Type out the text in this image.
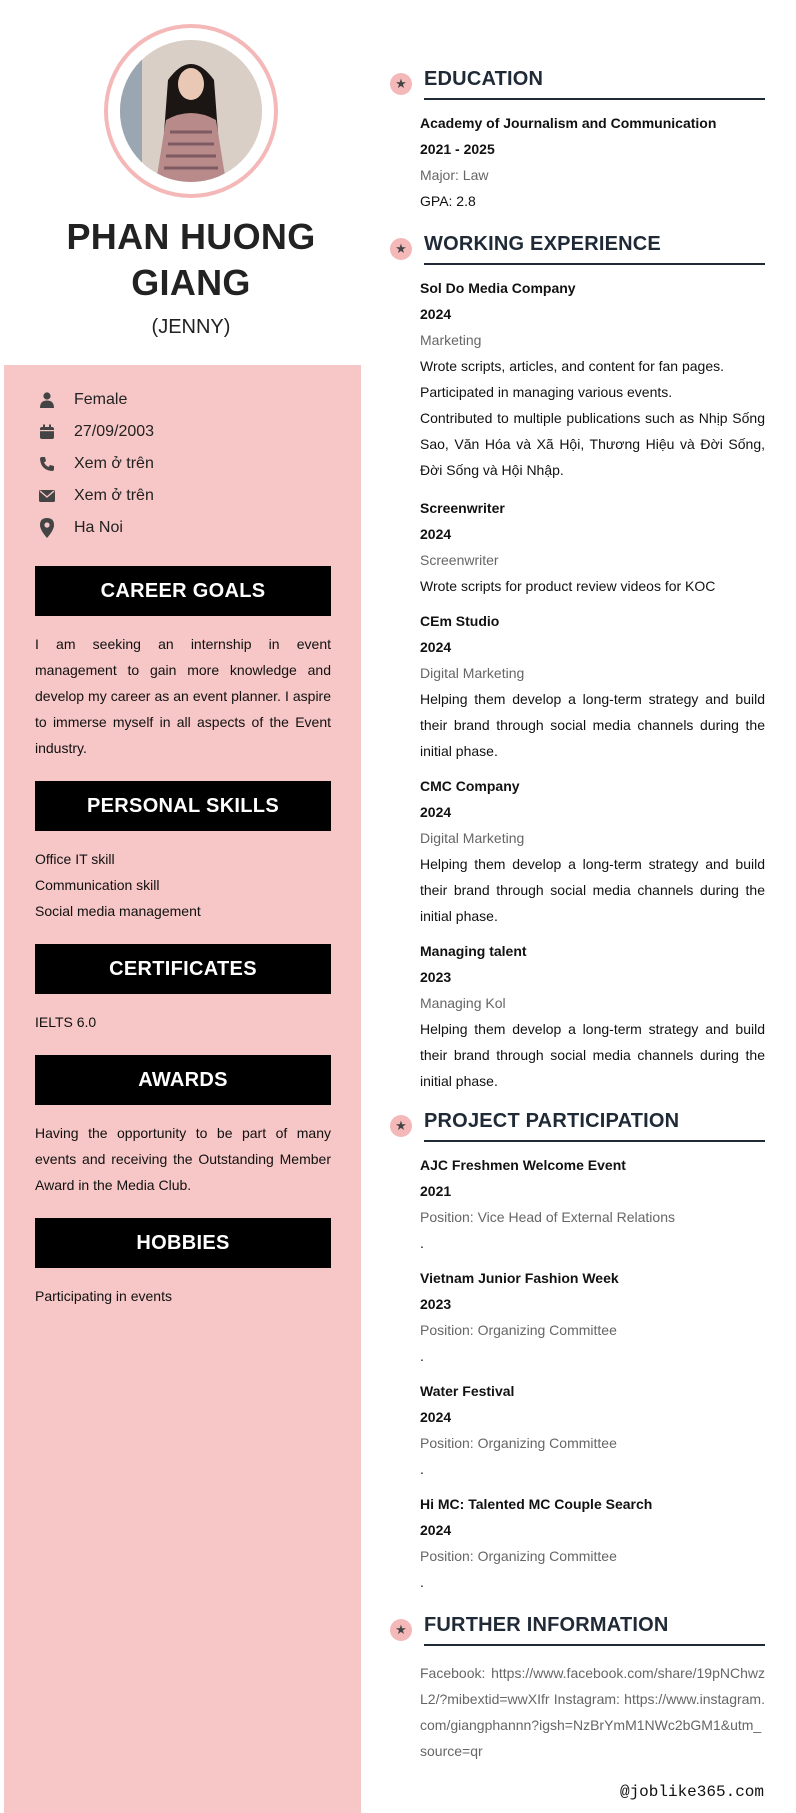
PHAN HUONG GIANG
(JENNY)
Female
27/09/2003
Xem ở trên
Xem ở trên
Ha Noi
CAREER GOALS
I am seeking an internship in event management to gain more knowledge and develop my career as an event planner. I aspire to immerse myself in all aspects of the Event industry.
PERSONAL SKILLS
Office IT skill
Communication skill
Social media management
CERTIFICATES
IELTS 6.0
AWARDS
Having the opportunity to be part of many events and receiving the Outstanding Member Award in the Media Club.
HOBBIES
Participating in events
★ EDUCATION
Academy of Journalism and Communication
2021 - 2025
Major: Law
GPA: 2.8
★ WORKING EXPERIENCE
Sol Do Media Company
2024
Marketing
Wrote scripts, articles, and content for fan pages.
Participated in managing various events.
Contributed to multiple publications such as Nhịp Sống Sao, Văn Hóa và Xã Hội, Thương Hiệu và Đời Sống, Đời Sống và Hội Nhập.
Screenwriter
2024
Screenwriter
Wrote scripts for product review videos for KOC
CEm Studio
2024
Digital Marketing
Helping them develop a long-term strategy and build their brand through social media channels during the initial phase.
CMC Company
2024
Digital Marketing
Helping them develop a long-term strategy and build their brand through social media channels during the initial phase.
Managing talent
2023
Managing Kol
Helping them develop a long-term strategy and build their brand through social media channels during the initial phase.
★ PROJECT PARTICIPATION
AJC Freshmen Welcome Event
2021
Position: Vice Head of External Relations
.
Vietnam Junior Fashion Week
2023
Position: Organizing Committee
.
Water Festival
2024
Position: Organizing Committee
.
Hi MC: Talented MC Couple Search
2024
Position: Organizing Committee
.
★ FURTHER INFORMATION
Facebook: https://www.facebook.com/share/19pNChwzL2/?mibextid=wwXIfr Instagram: https://www.instagram.com/giangphannn?igsh=NzBrYmM1NWc2bGM1&utm_source=qr
@joblike365.com
